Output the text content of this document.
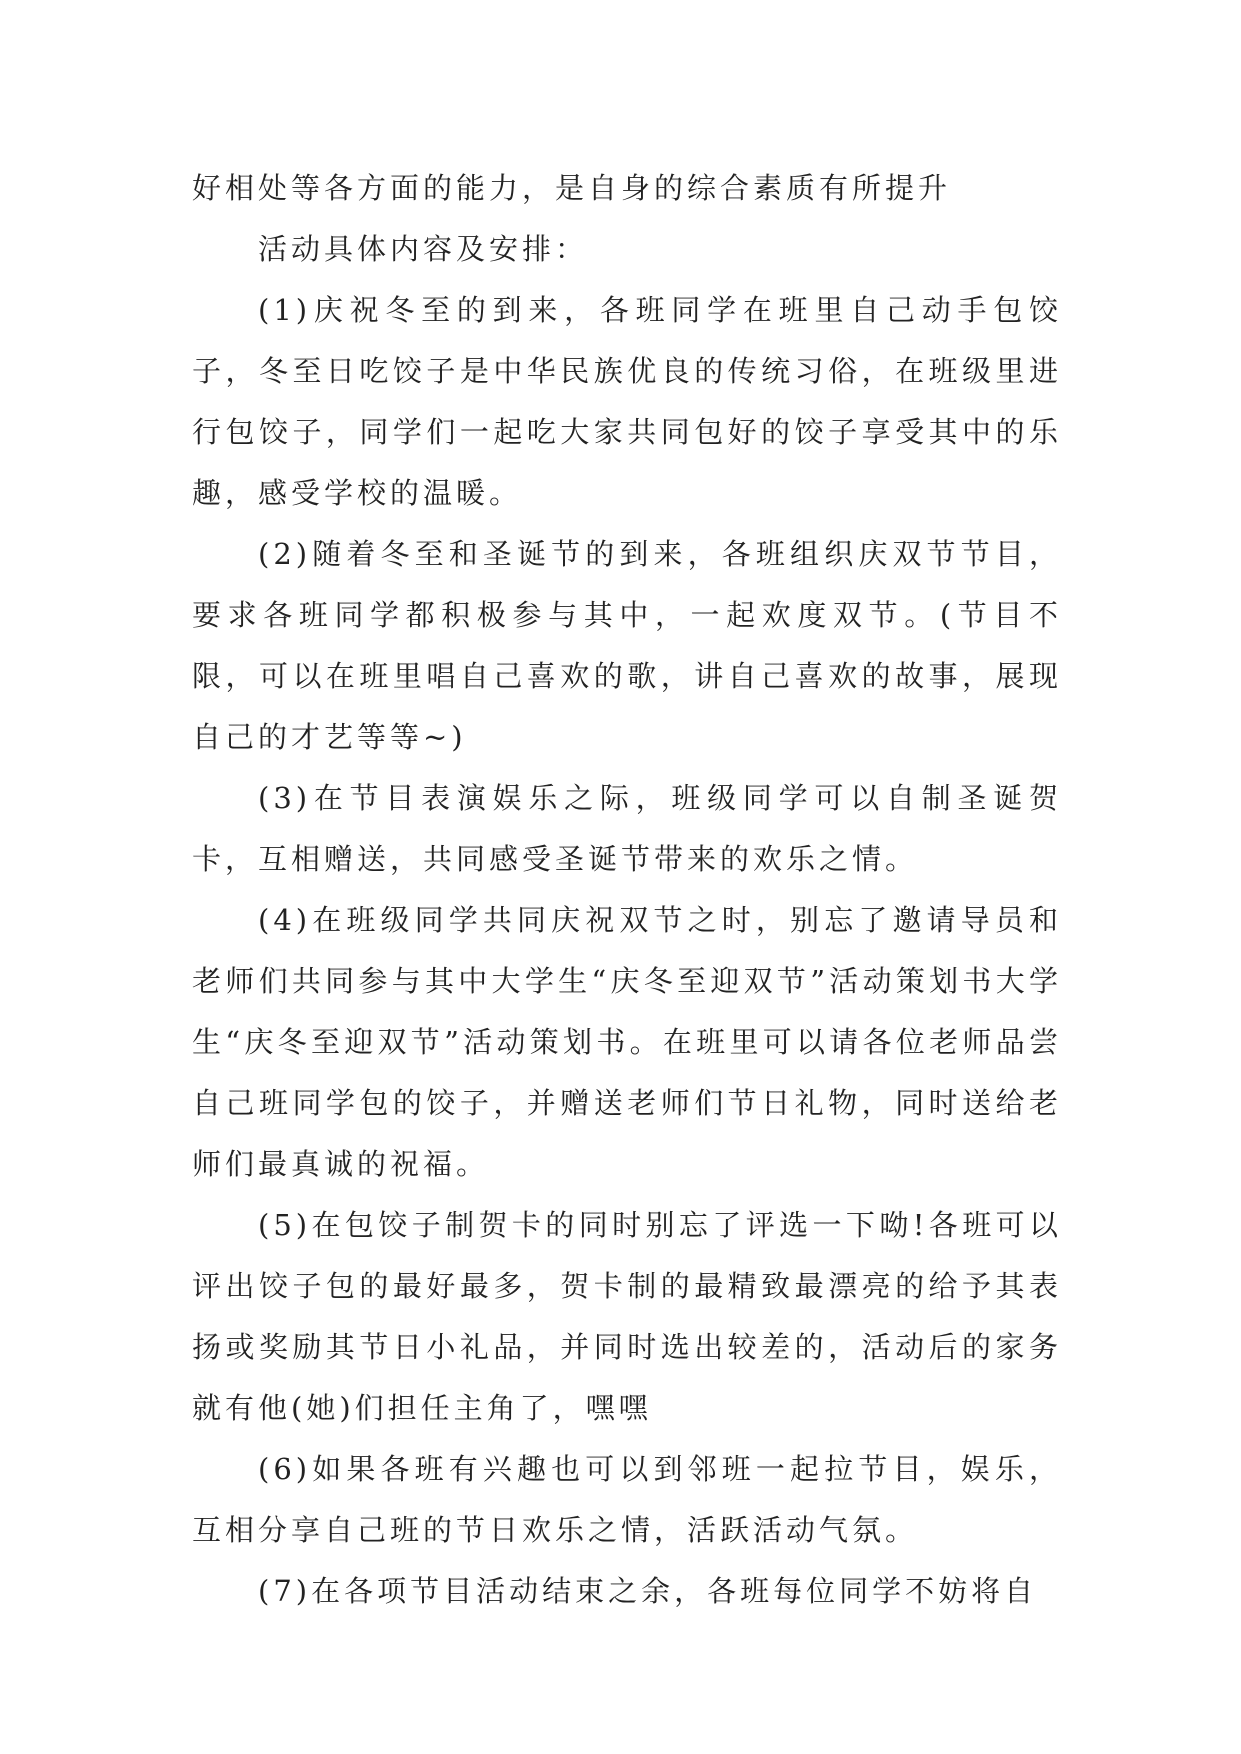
好相处等各方面的能力，是自身的综合素质有所提升

活动具体内容及安排：

(1)庆祝冬至的到来，各班同学在班里自己动手包饺子，冬至日吃饺子是中华民族优良的传统习俗，在班级里进行包饺子，同学们一起吃大家共同包好的饺子享受其中的乐趣，感受学校的温暖。

(2)随着冬至和圣诞节的到来，各班组织庆双节节目，要求各班同学都积极参与其中，一起欢度双节。(节目不限，可以在班里唱自己喜欢的歌，讲自己喜欢的故事，展现自己的才艺等等~)

(3)在节目表演娱乐之际，班级同学可以自制圣诞贺卡，互相赠送，共同感受圣诞节带来的欢乐之情。

(4)在班级同学共同庆祝双节之时，别忘了邀请导员和老师们共同参与其中大学生“庆冬至迎双节”活动策划书大学生“庆冬至迎双节”活动策划书。在班里可以请各位老师品尝自己班同学包的饺子，并赠送老师们节日礼物，同时送给老师们最真诚的祝福。

(5)在包饺子制贺卡的同时别忘了评选一下呦!各班可以评出饺子包的最好最多，贺卡制的最精致最漂亮的给予其表扬或奖励其节日小礼品，并同时选出较差的，活动后的家务就有他(她)们担任主角了，嘿嘿

(6)如果各班有兴趣也可以到邻班一起拉节目，娱乐，互相分享自己班的节日欢乐之情，活跃活动气氛。

(7)在各项节目活动结束之余，各班每位同学不妨将自
